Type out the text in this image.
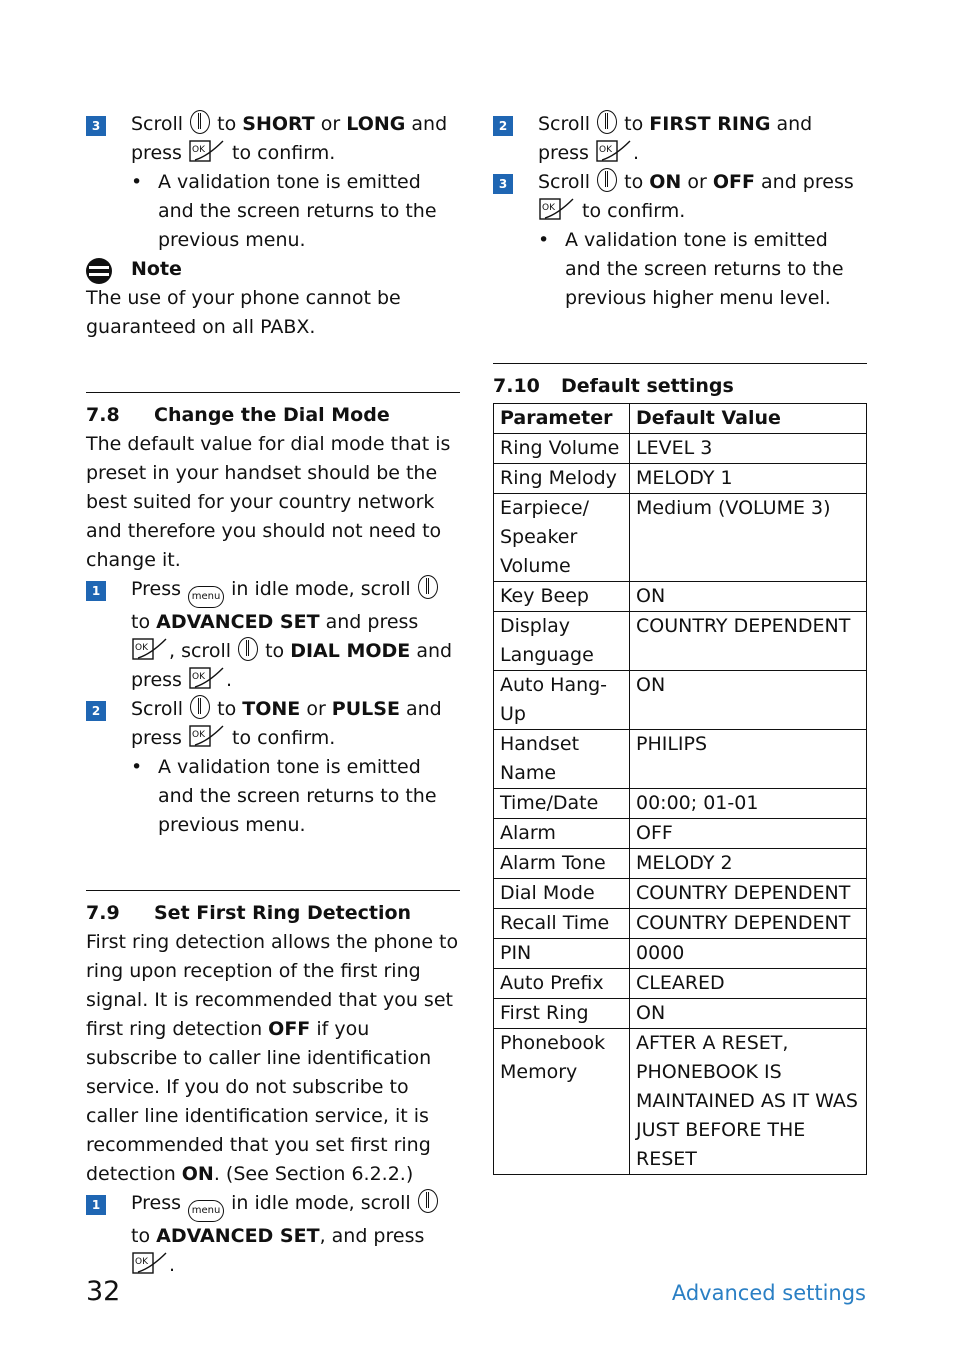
3	Scroll  to SHORT or LONG and press OK to confirm.
• A validation tone is emitted and the screen returns to the previous menu.
Note
The use of your phone cannot be guaranteed on all PABX.
7.8 Change the Dial Mode
The default value for dial mode that is preset in your handset should be the best suited for your country network and therefore you should not need to change it.
1	Press menu in idle mode, scroll  to ADVANCED SET and press
OK , scroll  to DIAL MODE and press OK .
2	Scroll  to TONE or PULSE and press OK to confirm.
• A validation tone is emitted and the screen returns to the previous menu.
7.9 Set First Ring Detection
First ring detection allows the phone to ring upon reception of the first ring signal. It is recommended that you set first ring detection OFF if you subscribe to caller line identification service. If you do not subscribe to caller line identification service, it is recommended that you set first ring detection ON. (See Section 6.2.2.)
1	Press menu in idle mode, scroll  to ADVANCED SET, and press
OK .
2	Scroll  to FIRST RING and press OK .
3	Scroll  to ON or OFF and press
OK to confirm.
• A validation tone is emitted and the screen returns to the previous higher menu level.
7.10 Default settings
Parameter	Default Value
Ring Volume	LEVEL 3
Ring Melody	MELODY 1
Earpiece/ Speaker Volume	Medium (VOLUME 3)
Key Beep	ON
Display Language	COUNTRY DEPENDENT
Auto Hang-Up	ON
Handset Name	PHILIPS
Time/Date	00:00; 01-01
Alarm	OFF
Alarm Tone	MELODY 2
Dial Mode	COUNTRY DEPENDENT
Recall Time	COUNTRY DEPENDENT
PIN	0000
Auto Prefix	CLEARED
First Ring	ON
Phonebook Memory	AFTER A RESET, PHONEBOOK IS MAINTAINED AS IT WAS JUST BEFORE THE RESET
32	Advanced settings
